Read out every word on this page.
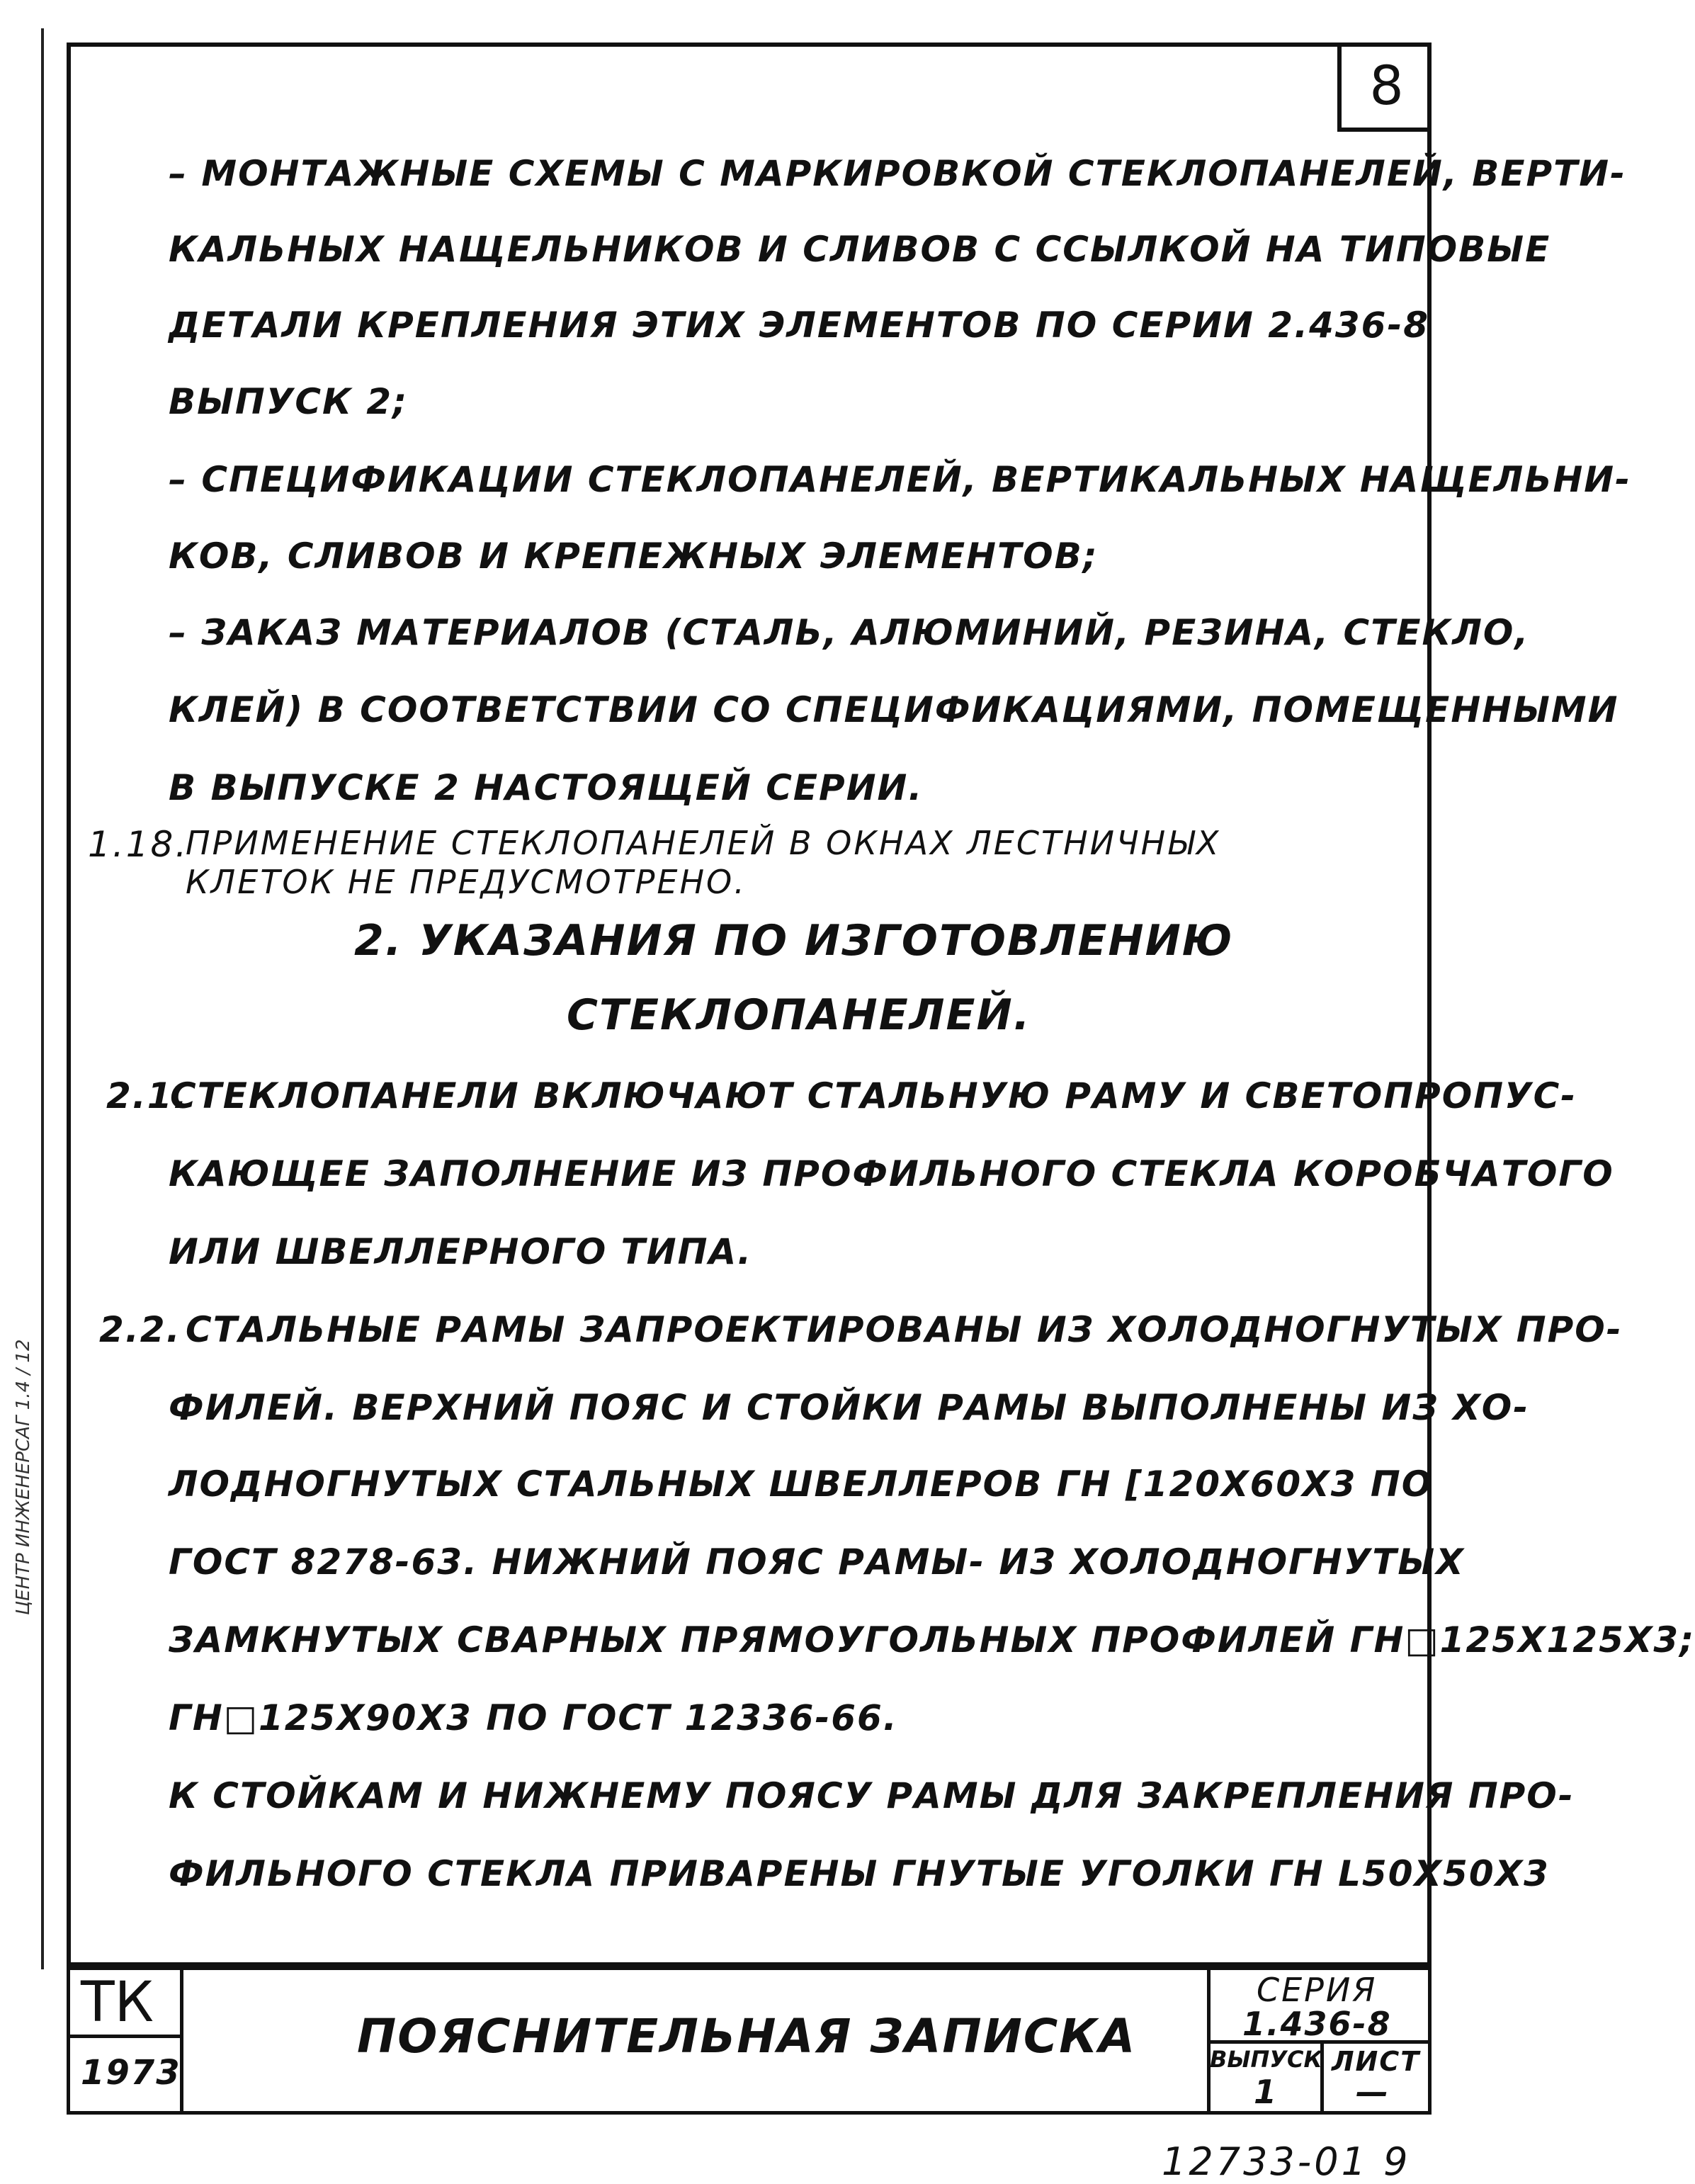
ЦЕНТР ИНЖЕНЕРСАГ 1.4 / 12
8
– МОНТАЖНЫЕ СХЕМЫ С МАРКИРОВКОЙ СТЕКЛОПАНЕЛЕЙ, ВЕРТИ-
КАЛЬНЫХ НАЩЕЛЬНИКОВ И СЛИВОВ С ССЫЛКОЙ НА ТИПОВЫЕ
ДЕТАЛИ КРЕПЛЕНИЯ ЭТИХ ЭЛЕМЕНТОВ ПО СЕРИИ 2.436-8
ВЫПУСК 2;
– СПЕЦИФИКАЦИИ СТЕКЛОПАНЕЛЕЙ, ВЕРТИКАЛЬНЫХ НАЩЕЛЬНИ-
КОВ, СЛИВОВ И КРЕПЕЖНЫХ ЭЛЕМЕНТОВ;
– ЗАКАЗ МАТЕРИАЛОВ (СТАЛЬ, АЛЮМИНИЙ, РЕЗИНА, СТЕКЛО,
КЛЕЙ) В СООТВЕТСТВИИ СО СПЕЦИФИКАЦИЯМИ, ПОМЕЩЕННЫМИ
В ВЫПУСКЕ 2 НАСТОЯЩЕЙ СЕРИИ.
1.18.
ПРИМЕНЕНИЕ СТЕКЛОПАНЕЛЕЙ В ОКНАХ ЛЕСТНИЧНЫХ
КЛЕТОК НЕ ПРЕДУСМОТРЕНО.
2. УКАЗАНИЯ ПО ИЗГОТОВЛЕНИЮ
СТЕКЛОПАНЕЛЕЙ.
2.1.
СТЕКЛОПАНЕЛИ ВКЛЮЧАЮТ СТАЛЬНУЮ РАМУ И СВЕТОПРОПУС-
КАЮЩЕЕ ЗАПОЛНЕНИЕ ИЗ ПРОФИЛЬНОГО СТЕКЛА КОРОБЧАТОГО
ИЛИ ШВЕЛЛЕРНОГО ТИПА.
2.2. СТАЛЬНЫЕ РАМЫ ЗАПРОЕКТИРОВАНЫ ИЗ ХОЛОДНОГНУТЫХ ПРО-
ФИЛЕЙ. ВЕРХНИЙ ПОЯС И СТОЙКИ РАМЫ ВЫПОЛНЕНЫ ИЗ ХО-
ЛОДНОГНУТЫХ СТАЛЬНЫХ ШВЕЛЛЕРОВ ГН [120Х60Х3 ПО
ГОСТ 8278-63. НИЖНИЙ ПОЯС РАМЫ- ИЗ ХОЛОДНОГНУТЫХ
ЗАМКНУТЫХ СВАРНЫХ ПРЯМОУГОЛЬНЫХ ПРОФИЛЕЙ ГН□125Х125Х3;
ГН□125Х90Х3 ПО ГОСТ 12336-66.
К СТОЙКАМ И НИЖНЕМУ ПОЯСУ РАМЫ ДЛЯ ЗАКРЕПЛЕНИЯ ПРО-
ФИЛЬНОГО СТЕКЛА ПРИВАРЕНЫ ГНУТЫЕ УГОЛКИ ГН L50Х50Х3
ТК
1973
ПОЯСНИТЕЛЬНАЯ ЗАПИСКА
СЕРИЯ
1.436-8
ВЫПУСК
1
ЛИСТ
—
12733-01 9
